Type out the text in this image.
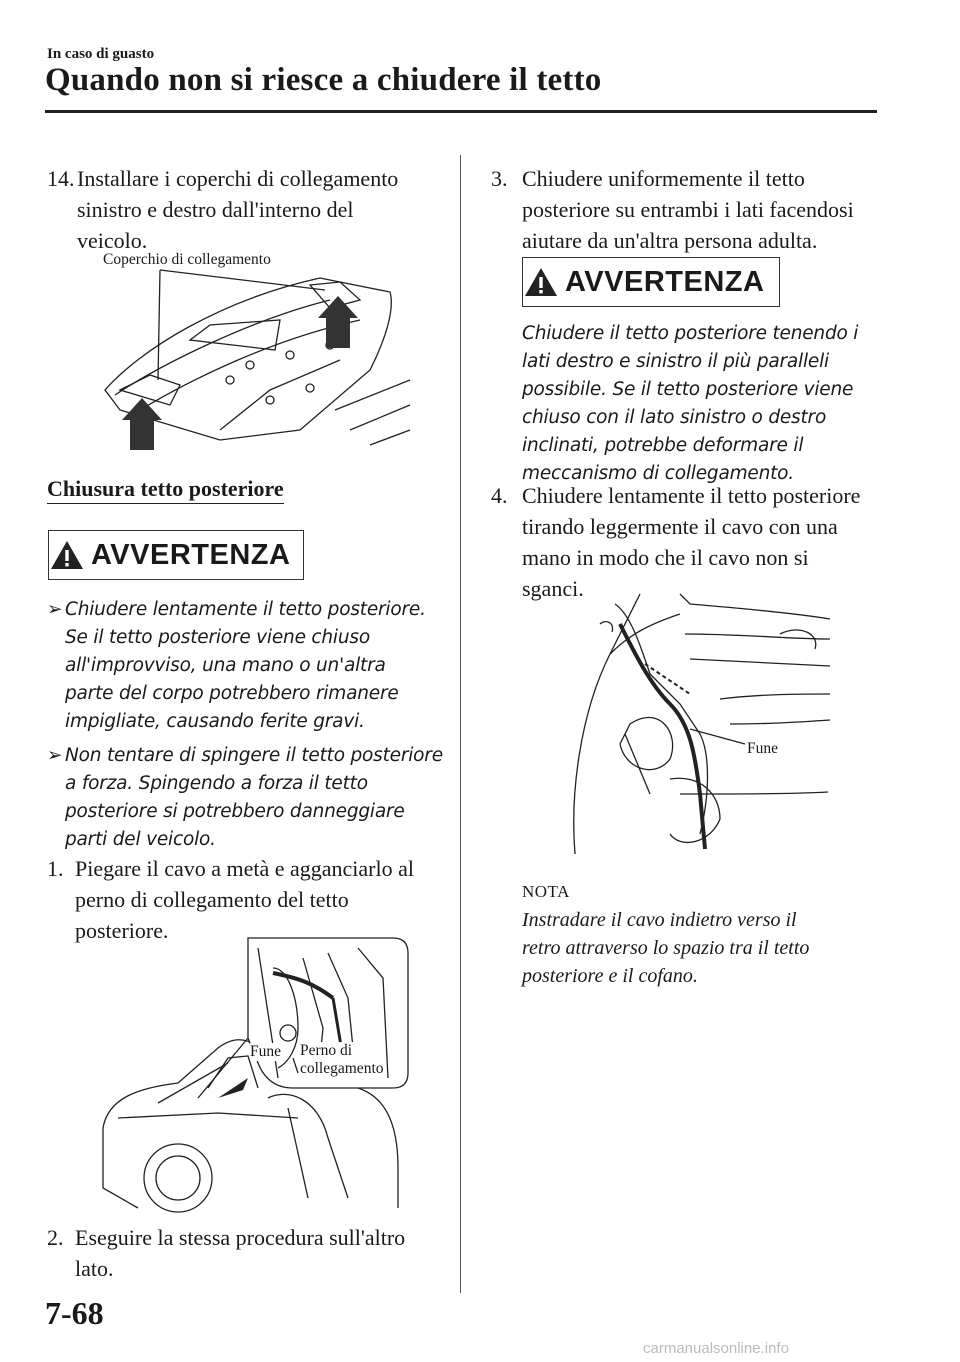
In caso di guasto
Quando non si riesce a chiudere il tetto
14. Installare i coperchi di collegamento
sinistro e destro dall'interno del
veicolo.
Coperchio di collegamento
Chiusura tetto posteriore
AVVERTENZA
➢ Chiudere lentamente il tetto posteriore.
Se il tetto posteriore viene chiuso
all'improvviso, una mano o un'altra
parte del corpo potrebbero rimanere
impigliate, causando ferite gravi.
➢ Non tentare di spingere il tetto posteriore
a forza. Spingendo a forza il tetto
posteriore si potrebbero danneggiare
parti del veicolo.
1. Piegare il cavo a metà e agganciarlo al
perno di collegamento del tetto
posteriore.
Fune Perno di
collegamento
2. Eseguire la stessa procedura sull'altro
lato.
3. Chiudere uniformemente il tetto
posteriore su entrambi i lati facendosi
aiutare da un'altra persona adulta.
AVVERTENZA
Chiudere il tetto posteriore tenendo i
lati destro e sinistro il più paralleli
possibile. Se il tetto posteriore viene
chiuso con il lato sinistro o destro
inclinati, potrebbe deformare il
meccanismo di collegamento.
4. Chiudere lentamente il tetto posteriore
tirando leggermente il cavo con una
mano in modo che il cavo non si
sganci.
Fune
NOTA
Instradare il cavo indietro verso il
retro attraverso lo spazio tra il tetto
posteriore e il cofano.
7-68
carmanualsonline.info
